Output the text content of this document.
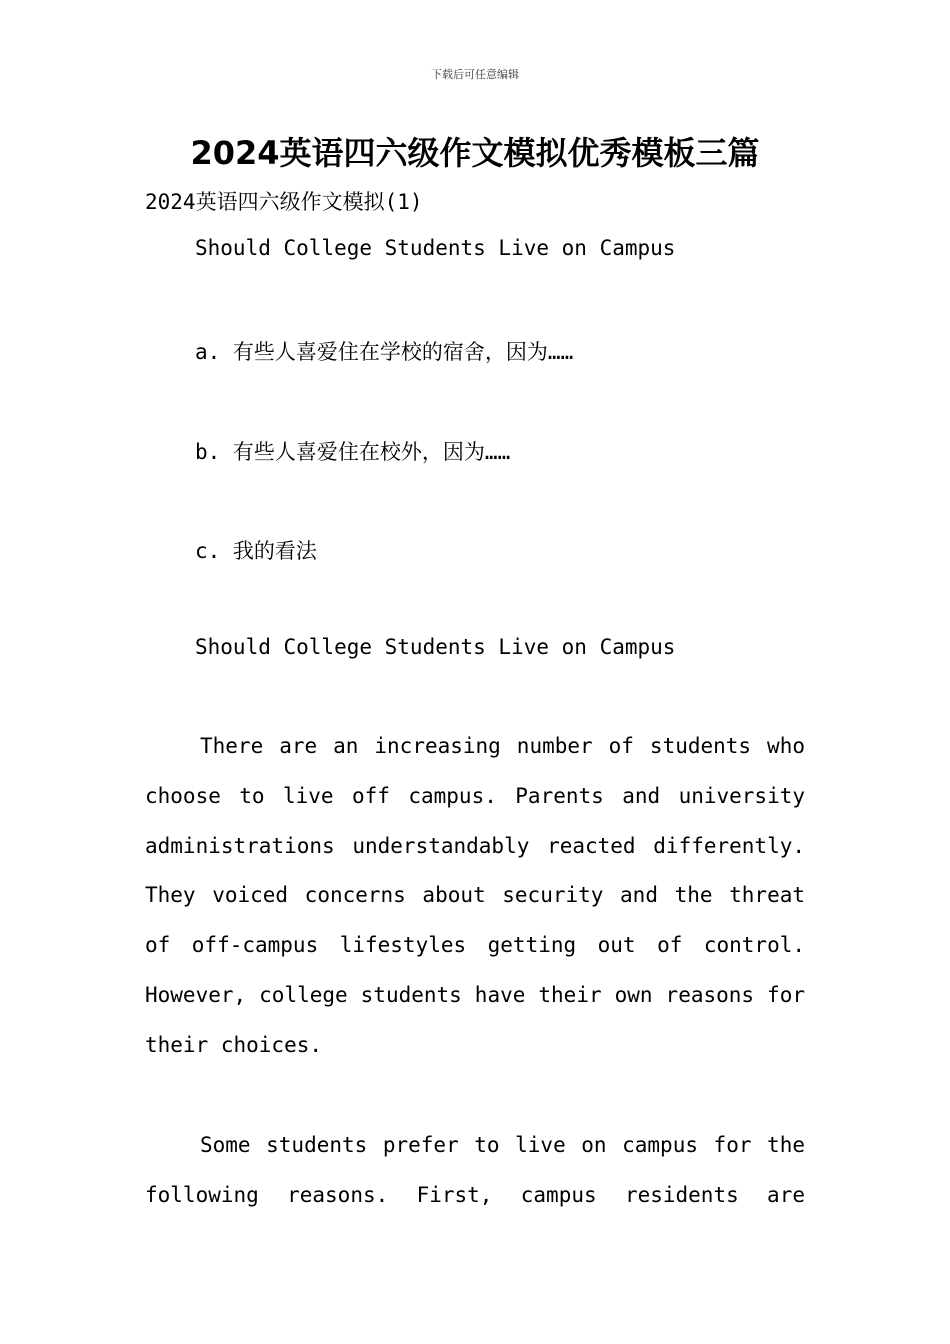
下载后可任意编辑
2024英语四六级作文模拟优秀模板三篇
2024英语四六级作文模拟(1)
Should College Students Live on Campus
a. 有些人喜爱住在学校的宿舍，因为……
b. 有些人喜爱住在校外，因为……
c. 我的看法
Should College Students Live on Campus
There are an increasing number of students who choose to live off campus. Parents and university administrations understandably reacted differently. They voiced concerns about security and the threat of off-campus lifestyles getting out of control. However, college students have their own reasons for their choices.
Some students prefer to live on campus for the following reasons. First, campus residents are
